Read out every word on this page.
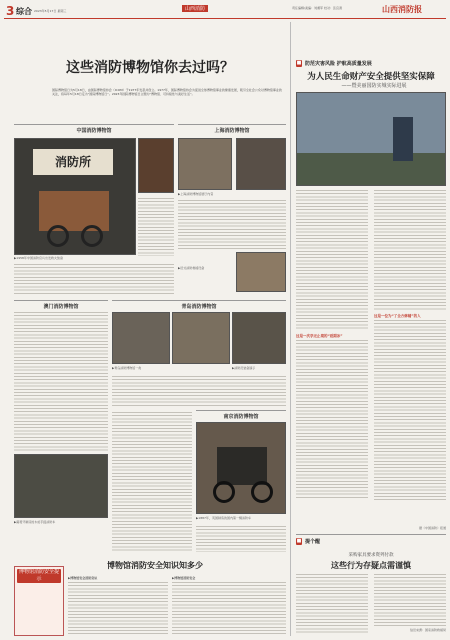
3 综合 2023年5月17日 星期三	山西消防	责任编辑/美编：刘湘军 校对：张宜清	山西消防报
这些消防博物馆你去过吗？
国际博物馆日为5月18日，由国际博物馆协会（ICOM）于1977年发起并创立。1977年，国际博物馆协会为促进全球博物馆事业的健康发展，吸引全社会公众对博物馆事业的关注，将每年5月18日定为“国际博物馆日”。2023年国际博物馆日主题为“博物馆、可持续性与美好生活”。
中国消防博物馆
消防所
▶1958年中国消防官兵出发救火装备
上海消防博物馆
▶上海消防博物馆展厅内景
▶旧式消防救援设备
澳门消防博物馆
▶葡萄牙制造的木质手摇消防车
青岛消防博物馆
▶青岛消防博物馆一角	▶消防员装备演示
南京消防博物馆
▶1887年，英国制造的国内第一辆消防车
博物馆消防安全知识知多少
博物馆消防安全提示	▶博物馆安全消防常识	▶博物馆消防安全
■ 防范灾害风险 护航高质量发展
为人民生命财产安全提供坚实保障
——暨美丽国防实城实际进展
这是一位为“了全方修辅”的人
这是一次学无止境的“延期冰”
据《中国消防》报道
■ 提个醒
采购家具要求资列付款
这些行为存疑点需谨慎
信息来源：国家消防救援局
